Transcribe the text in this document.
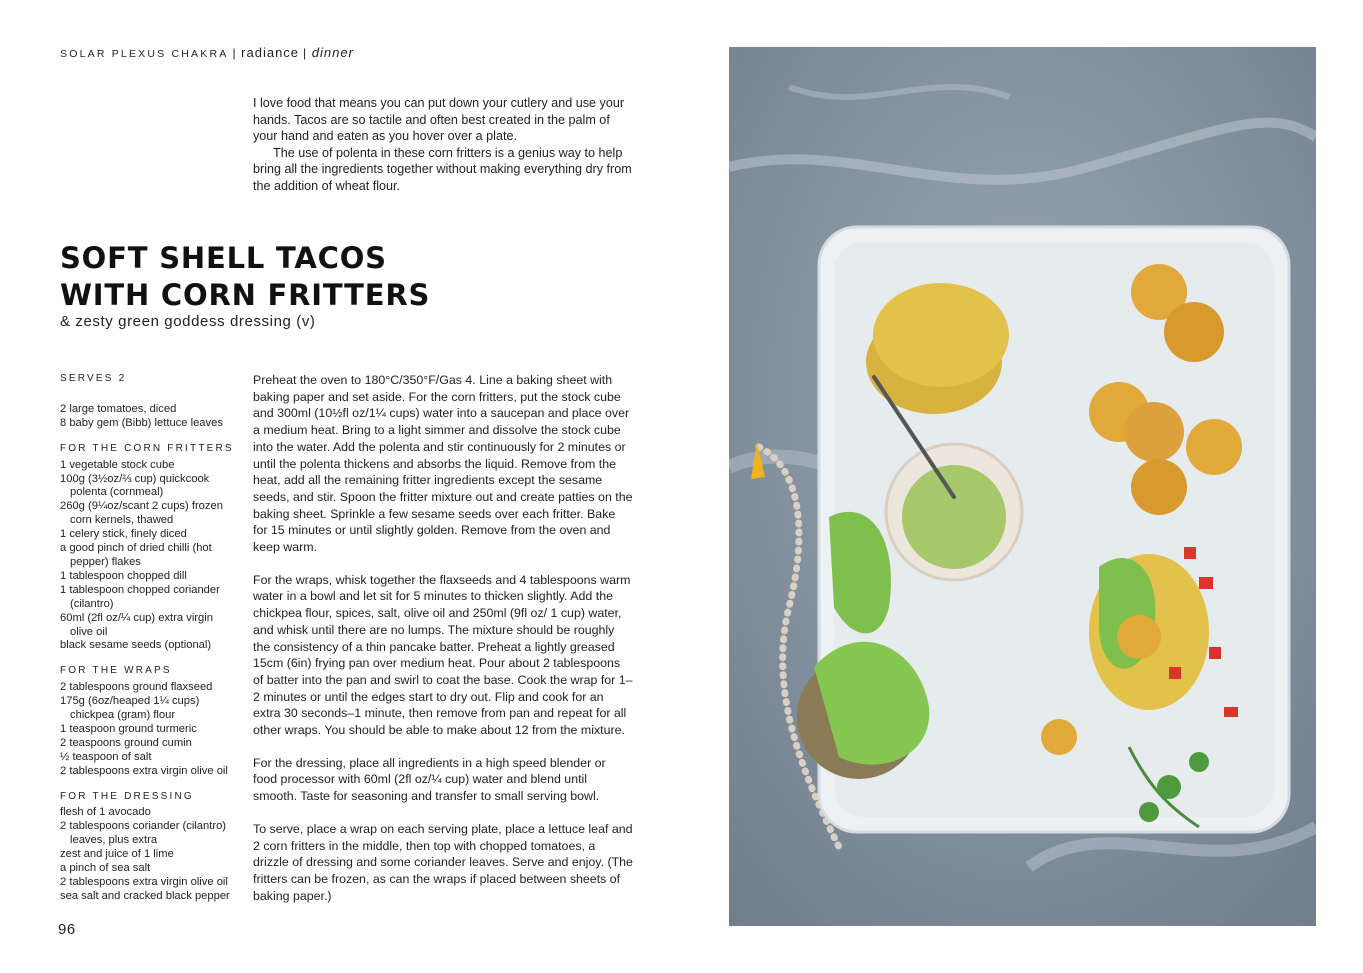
SOLAR PLEXUS CHAKRA | radiance | dinner

I love food that means you can put down your cutlery and use your hands. Tacos are so tactile and often best created in the palm of your hand and eaten as you hover over a plate.

The use of polenta in these corn fritters is a genius way to help bring all the ingredients together without making everything dry from the addition of wheat flour.

SOFT SHELL TACOS
WITH CORN FRITTERS
& zesty green goddess dressing (v)
SERVES 2
2 large tomatoes, diced
8 baby gem (Bibb) lettuce leaves
FOR THE CORN FRITTERS
1 vegetable stock cube
100g (3½oz/⅔ cup) quickcook
polenta (cornmeal)
260g (9¼oz/scant 2 cups) frozen
corn kernels, thawed
1 celery stick, finely diced
a good pinch of dried chilli (hot
pepper) flakes
1 tablespoon chopped dill
1 tablespoon chopped coriander
(cilantro)
60ml (2fl oz/¼ cup) extra virgin
olive oil
black sesame seeds (optional)
FOR THE WRAPS
2 tablespoons ground flaxseed
175g (6oz/heaped 1¼ cups)
chickpea (gram) flour
1 teaspoon ground turmeric
2 teaspoons ground cumin
½ teaspoon of salt
2 tablespoons extra virgin olive oil
FOR THE DRESSING
flesh of 1 avocado
2 tablespoons coriander (cilantro)
leaves, plus extra
zest and juice of 1 lime
a pinch of sea salt
2 tablespoons extra virgin olive oil
sea salt and cracked black pepper

Preheat the oven to 180°C/350°F/Gas 4. Line a baking sheet with baking paper and set aside. For the corn fritters, put the stock cube and 300ml (10½fl oz/1¼ cups) water into a saucepan and place over a medium heat. Bring to a light simmer and dissolve the stock cube into the water. Add the polenta and stir continuously for 2 minutes or until the polenta thickens and absorbs the liquid. Remove from the heat, add all the remaining fritter ingredients except the sesame seeds, and stir. Spoon the fritter mixture out and create patties on the baking sheet. Sprinkle a few sesame seeds over each fritter. Bake for 15 minutes or until slightly golden. Remove from the oven and keep warm.

For the wraps, whisk together the flaxseeds and 4 tablespoons warm water in a bowl and let sit for 5 minutes to thicken slightly. Add the chickpea flour, spices, salt, olive oil and 250ml (9fl oz/ 1 cup) water, and whisk until there are no lumps. The mixture should be roughly the consistency of a thin pancake batter. Preheat a lightly greased 15cm (6in) frying pan over medium heat. Pour about 2 tablespoons of batter into the pan and swirl to coat the base. Cook the wrap for 1–2 minutes or until the edges start to dry out. Flip and cook for an extra 30 seconds–1 minute, then remove from pan and repeat for all other wraps. You should be able to make about 12 from the mixture.

For the dressing, place all ingredients in a high speed blender or food processor with 60ml (2fl oz/¼ cup) water and blend until smooth. Taste for seasoning and transfer to small serving bowl.

To serve, place a wrap on each serving plate, place a lettuce leaf and 2 corn fritters in the middle, then top with chopped tomatoes, a drizzle of dressing and some coriander leaves. Serve and enjoy. (The fritters can be frozen, as can the wraps if placed between sheets of baking paper.)

96
